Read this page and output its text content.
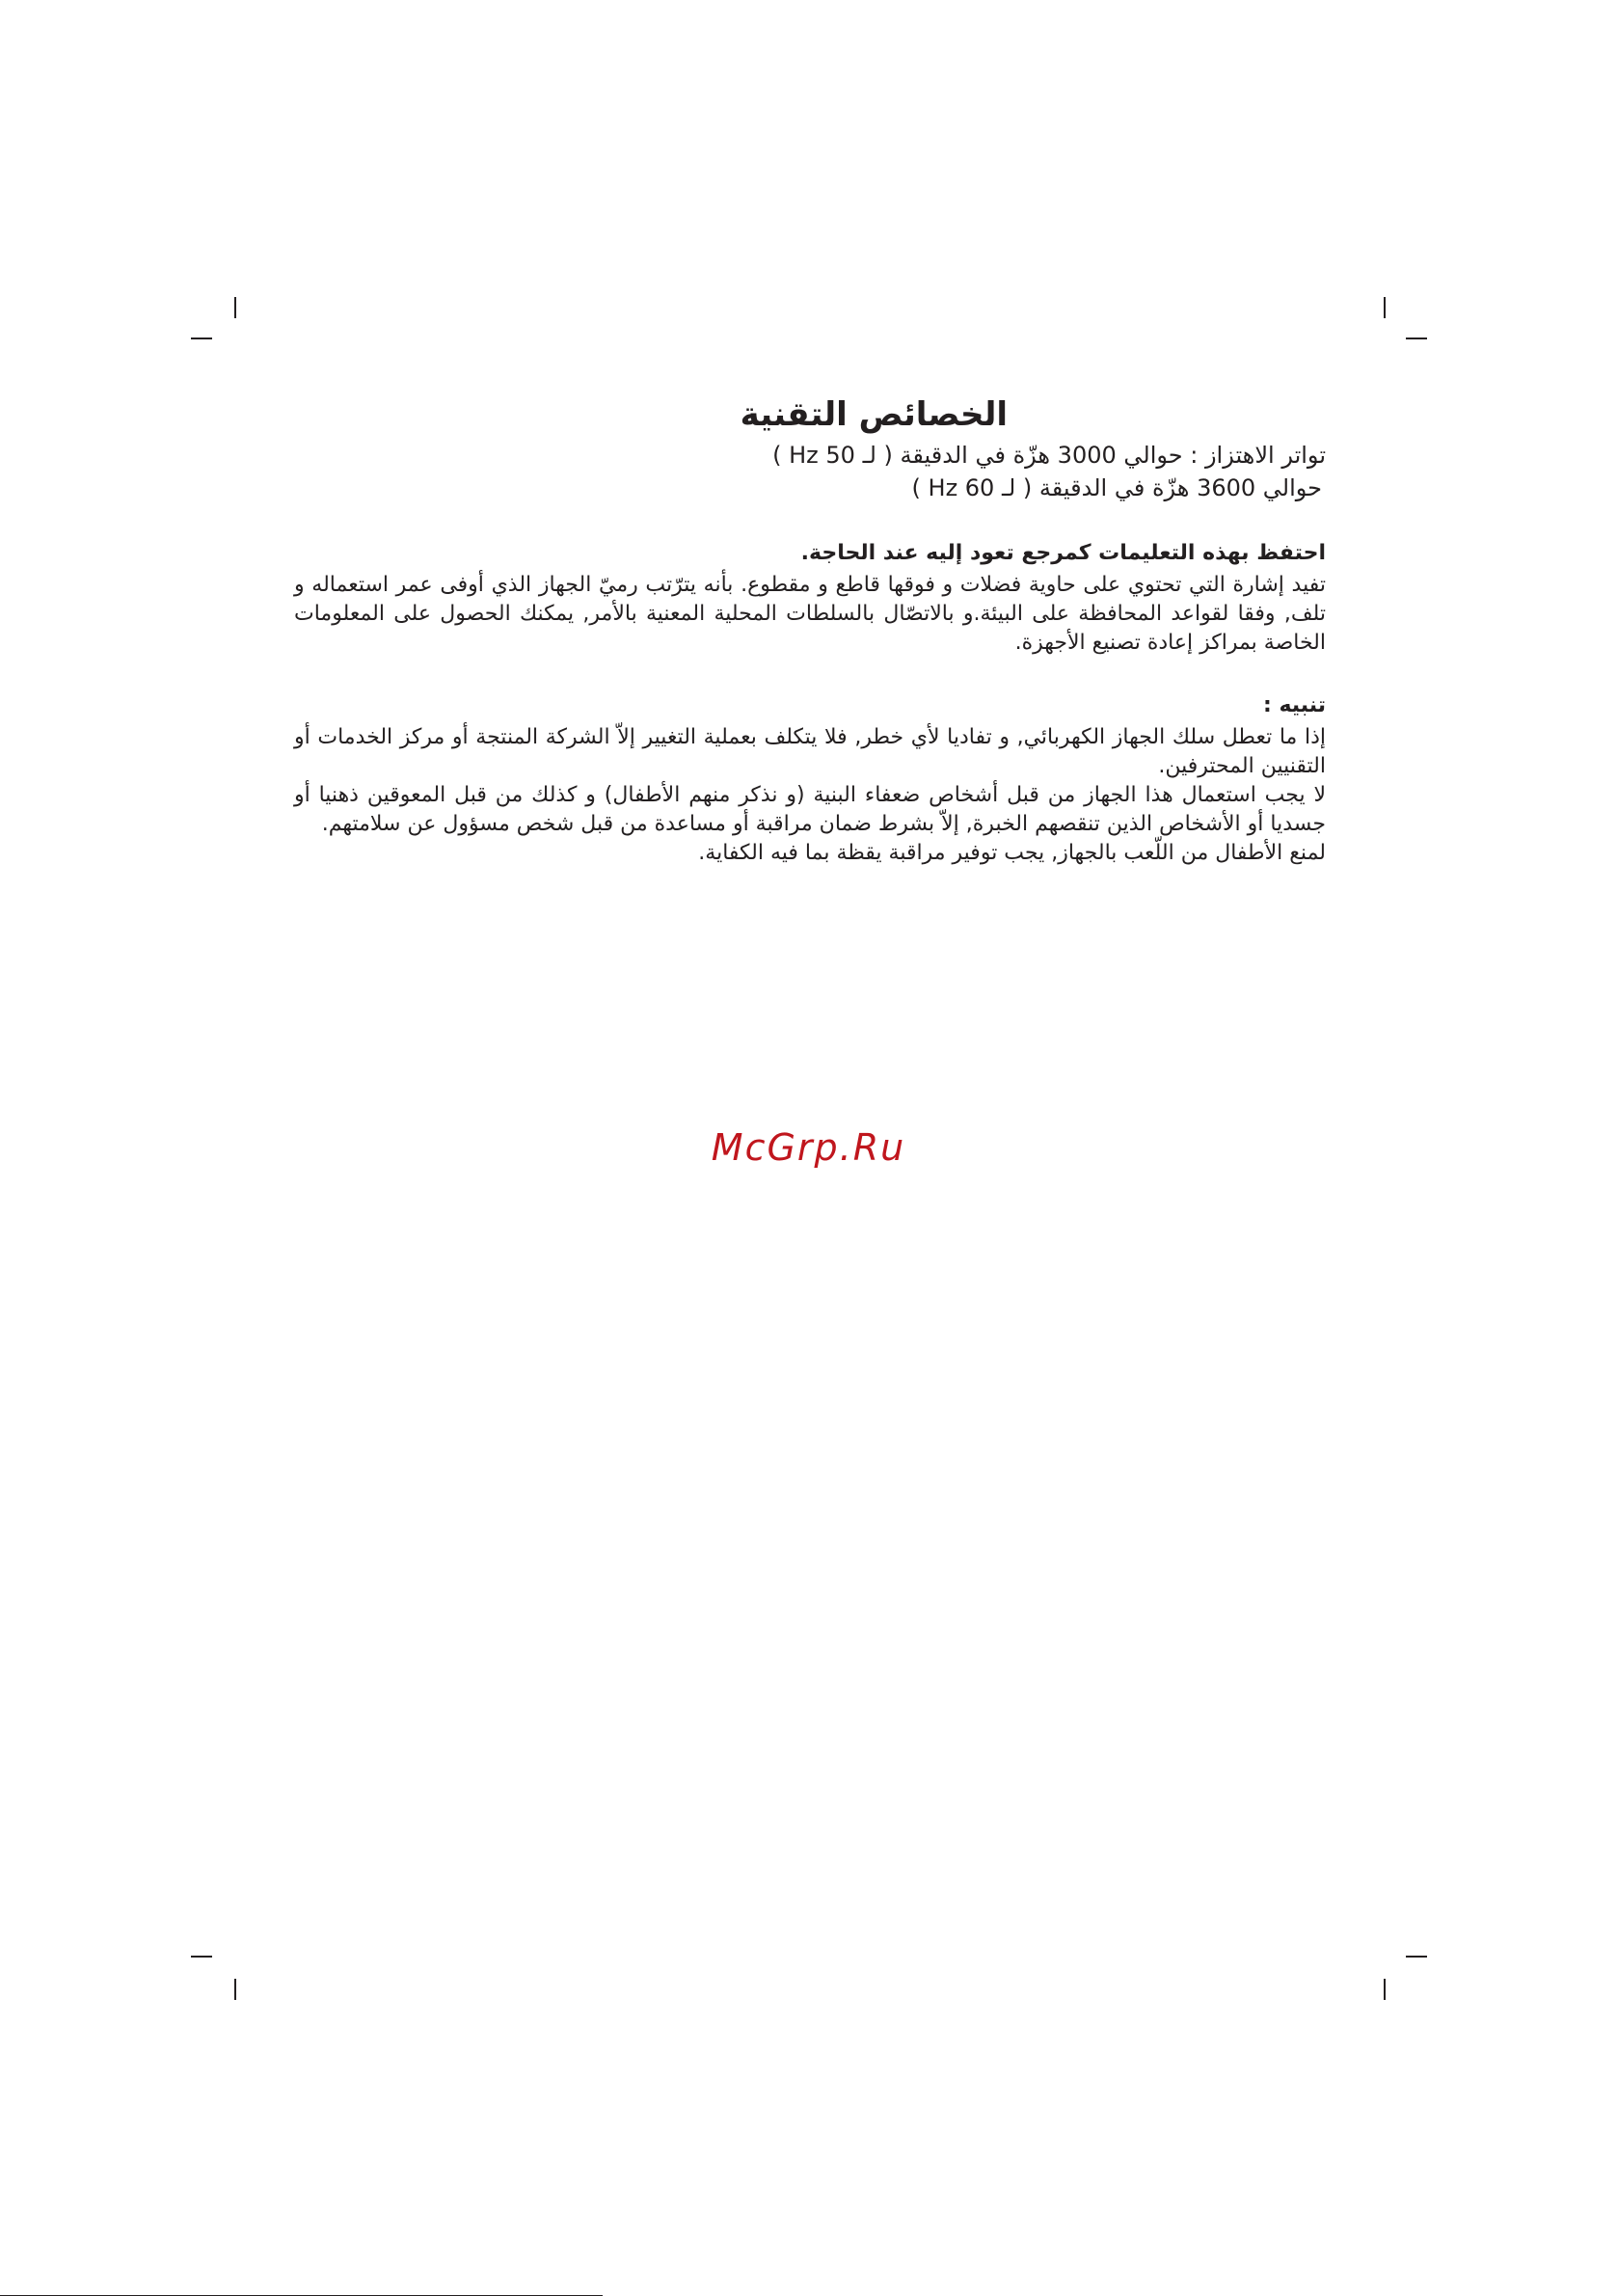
الخصائص التقنية
تواتر الاهتزاز : حوالي 3000 هزّة في الدقيقة ( لـ Hz 50 )
حوالي 3600 هزّة في الدقيقة ( لـ Hz 60 )

احتفظ بهذه التعليمات كمرجع تعود إليه عند الحاجة.

تفيد إشارة التي تحتوي على حاوية فضلات و فوقها قاطع و مقطوع. بأنه يترّتب رميّ الجهاز الذي أوفى عمر استعماله و تلف, وفقا لقواعد المحافظة على البيئة.و بالاتصّال بالسلطات المحلية المعنية بالأمر, يمكنك الحصول على المعلومات الخاصة بمراكز إعادة تصنيع الأجهزة.

تنبيه :

إذا ما تعطل سلك الجهاز الكهربائي, و تفاديا لأي خطر, فلا يتكلف بعملية التغيير إلاّ الشركة المنتجة أو مركز الخدمات أو التقنيين المحترفين.

لا يجب استعمال هذا الجهاز من قبل أشخاص ضعفاء البنية (و نذكر منهم الأطفال) و كذلك من قبل المعوقين ذهنيا أو جسديا أو الأشخاص الذين تنقصهم الخبرة, إلاّ بشرط ضمان مراقبة أو مساعدة من قبل شخص مسؤول عن سلامتهم.

لمنع الأطفال من اللّعب بالجهاز, يجب توفير مراقبة يقظة بما فيه الكفاية.

McGrp.Ru
